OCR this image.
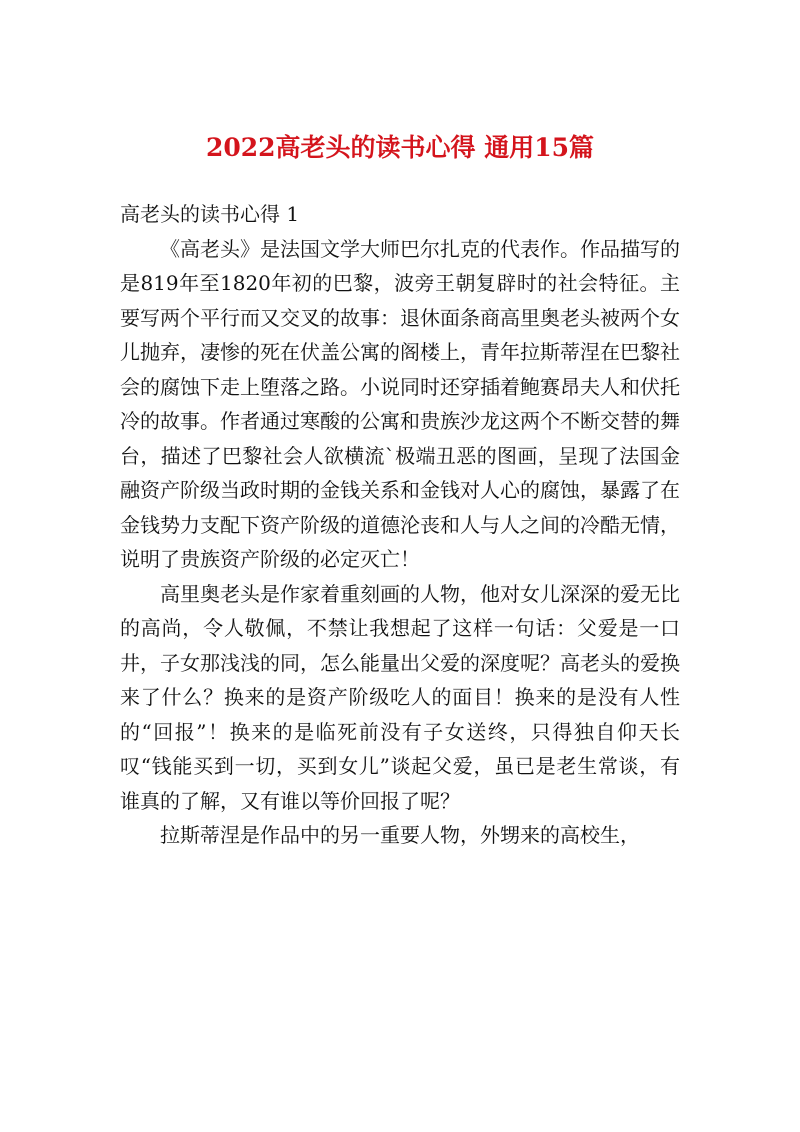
2022高老头的读书心得 通用15篇
高老头的读书心得 1

《高老头》是法国文学大师巴尔扎克的代表作。作品描写的是819年至1820年初的巴黎，波旁王朝复辟时的社会特征。主要写两个平行而又交叉的故事：退休面条商高里奥老头被两个女儿抛弃，凄惨的死在伏盖公寓的阁楼上，青年拉斯蒂涅在巴黎社会的腐蚀下走上堕落之路。小说同时还穿插着鲍赛昂夫人和伏托冷的故事。作者通过寒酸的公寓和贵族沙龙这两个不断交替的舞台，描述了巴黎社会人欲横流`极端丑恶的图画，呈现了法国金融资产阶级当政时期的金钱关系和金钱对人心的腐蚀，暴露了在金钱势力支配下资产阶级的道德沦丧和人与人之间的冷酷无情，说明了贵族资产阶级的必定灭亡！

高里奥老头是作家着重刻画的人物，他对女儿深深的爱无比的高尚，令人敬佩，不禁让我想起了这样一句话：父爱是一口井，子女那浅浅的同，怎么能量出父爱的深度呢？高老头的爱换来了什么？换来的是资产阶级吃人的面目！换来的是没有人性的“回报”！换来的是临死前没有子女送终，只得独自仰天长叹“钱能买到一切，买到女儿”谈起父爱，虽已是老生常谈，有谁真的了解，又有谁以等价回报了呢？

拉斯蒂涅是作品中的另一重要人物，外甥来的高校生，
